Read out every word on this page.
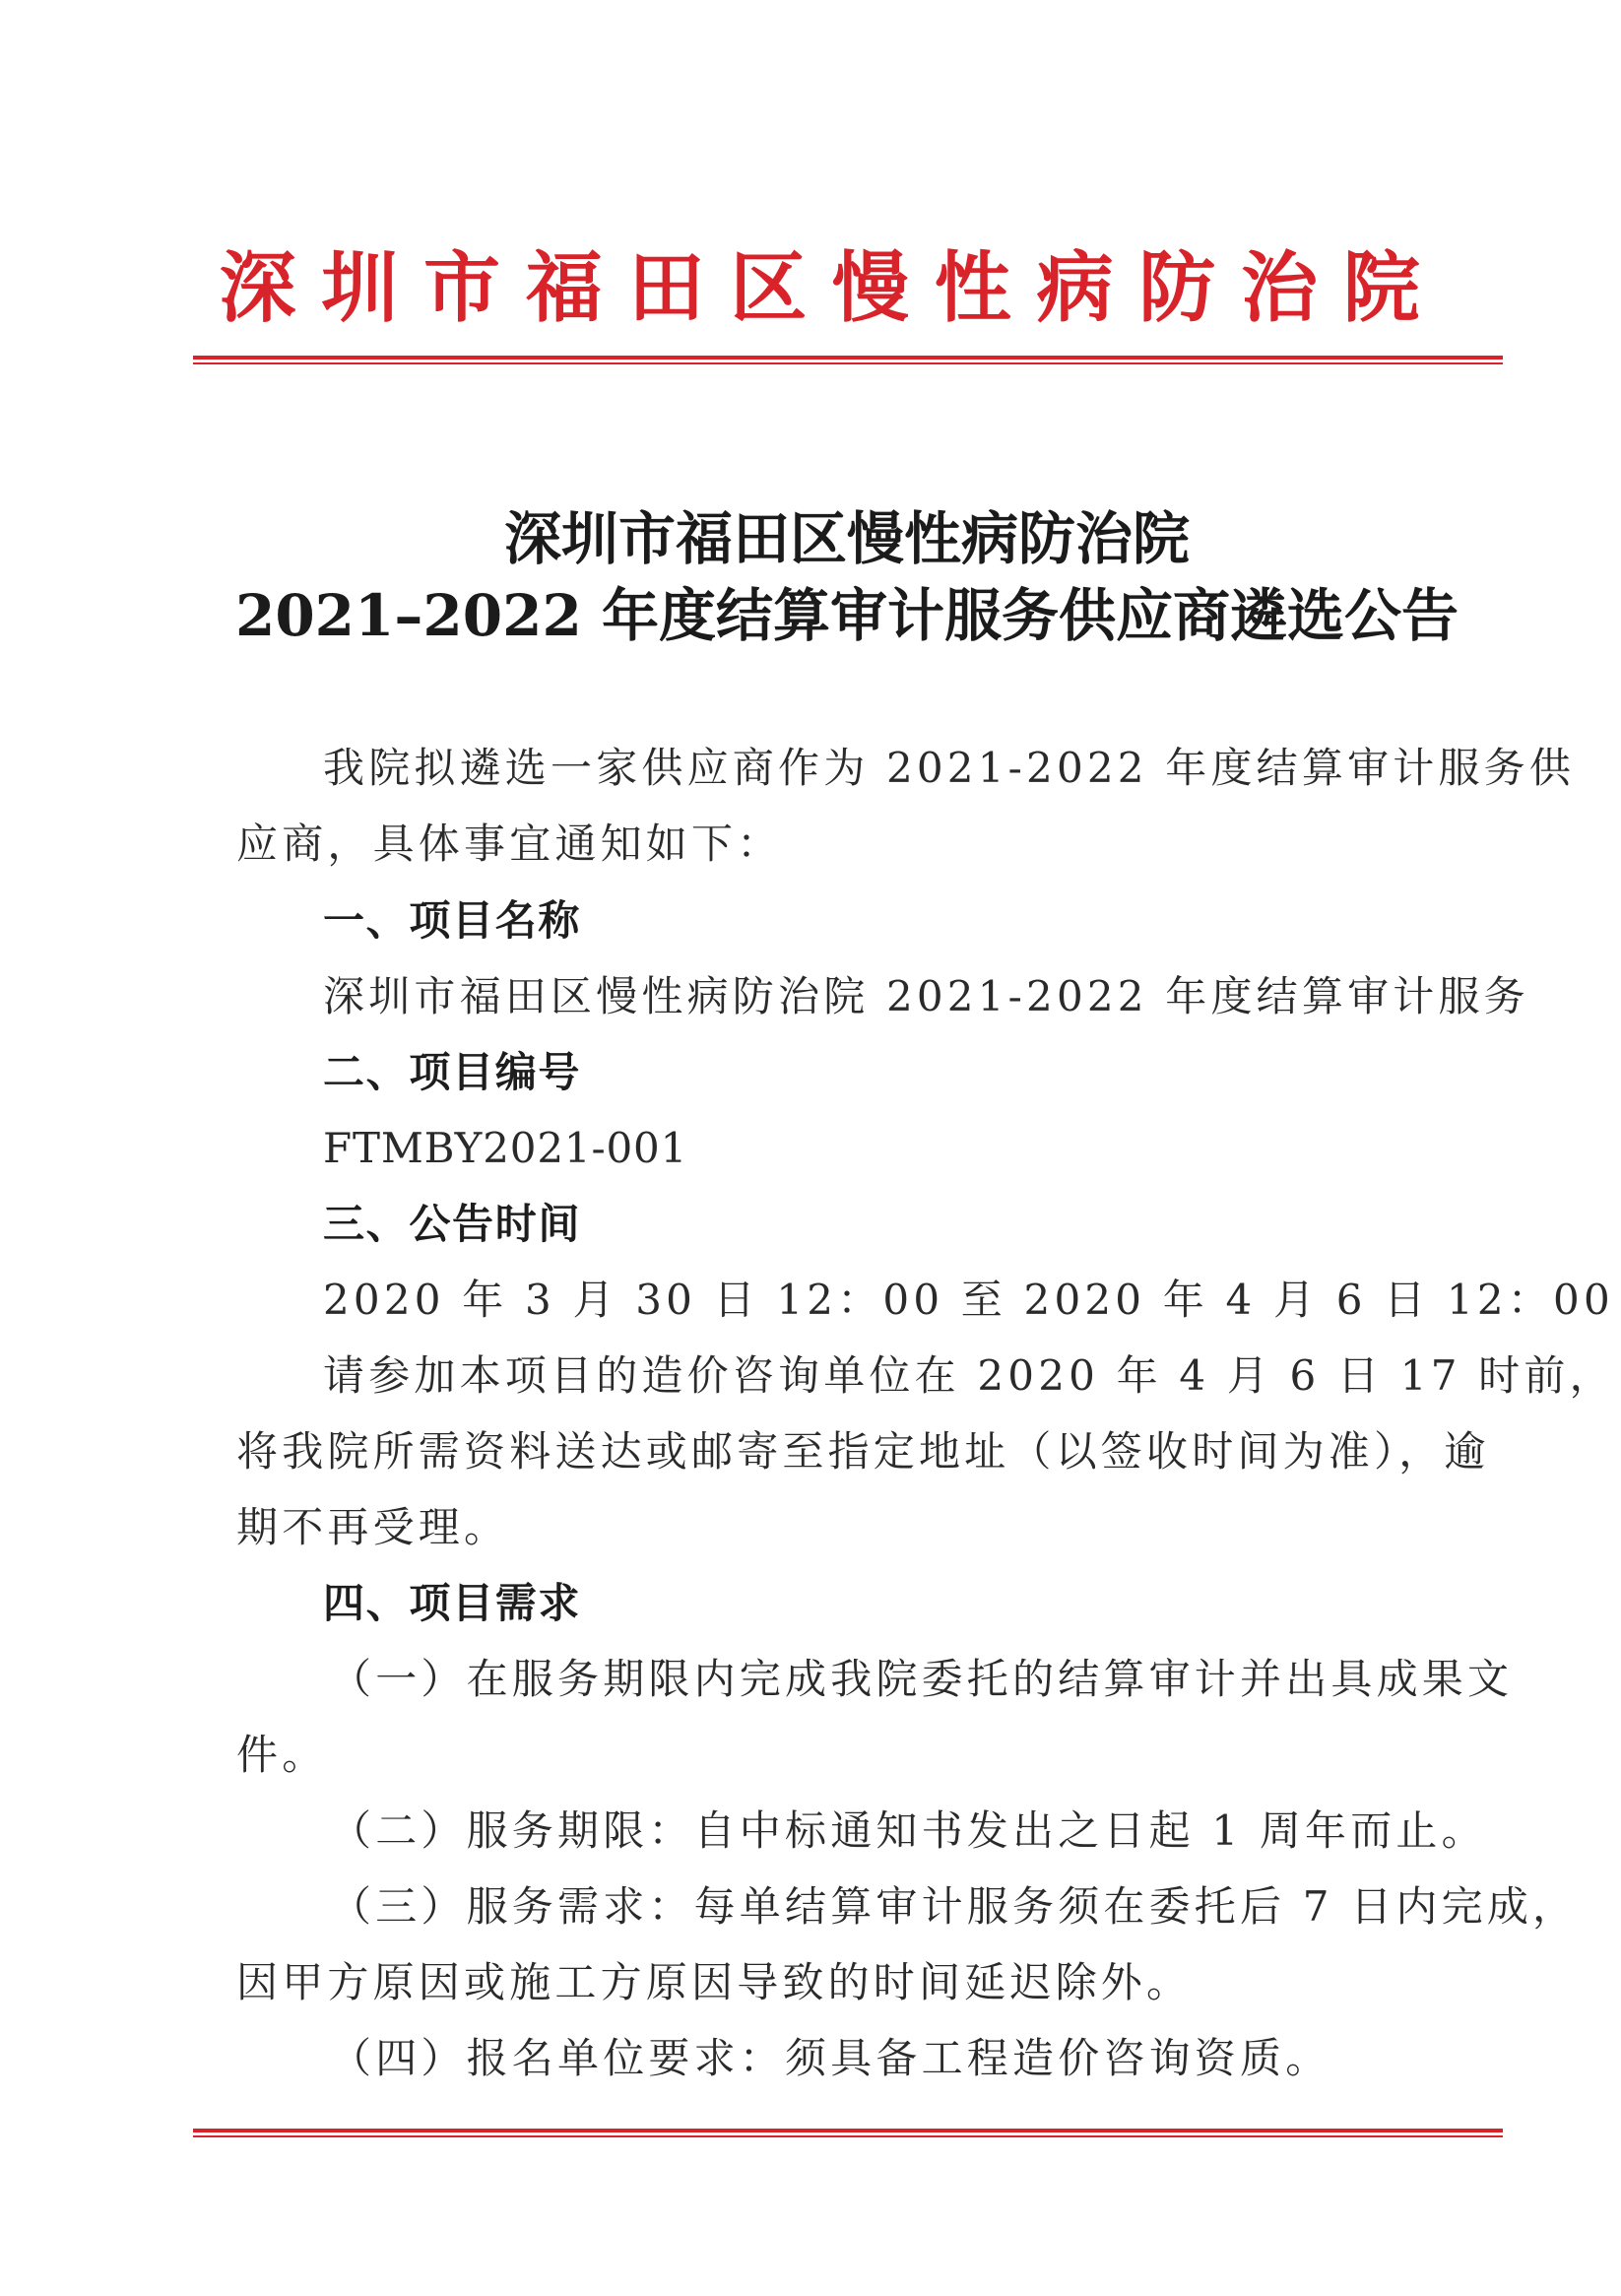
深圳市福田区慢性病防治院
深圳市福田区慢性病防治院
2021–2022 年度结算审计服务供应商遴选公告
我院拟遴选一家供应商作为 2021-2022 年度结算审计服务供
应商，具体事宜通知如下：
一、项目名称
深圳市福田区慢性病防治院 2021-2022 年度结算审计服务
二、项目编号
FTMBY2021-001
三、公告时间
2020 年 3 月 30 日 12：00 至 2020 年 4 月 6 日 12：00
请参加本项目的造价咨询单位在 2020 年 4 月 6 日 17 时前，
将我院所需资料送达或邮寄至指定地址（以签收时间为准），逾
期不再受理。
四、项目需求
（一）在服务期限内完成我院委托的结算审计并出具成果文
件。
（二）服务期限：自中标通知书发出之日起 1 周年而止。
（三）服务需求：每单结算审计服务须在委托后 7 日内完成，
因甲方原因或施工方原因导致的时间延迟除外。
（四）报名单位要求：须具备工程造价咨询资质。
